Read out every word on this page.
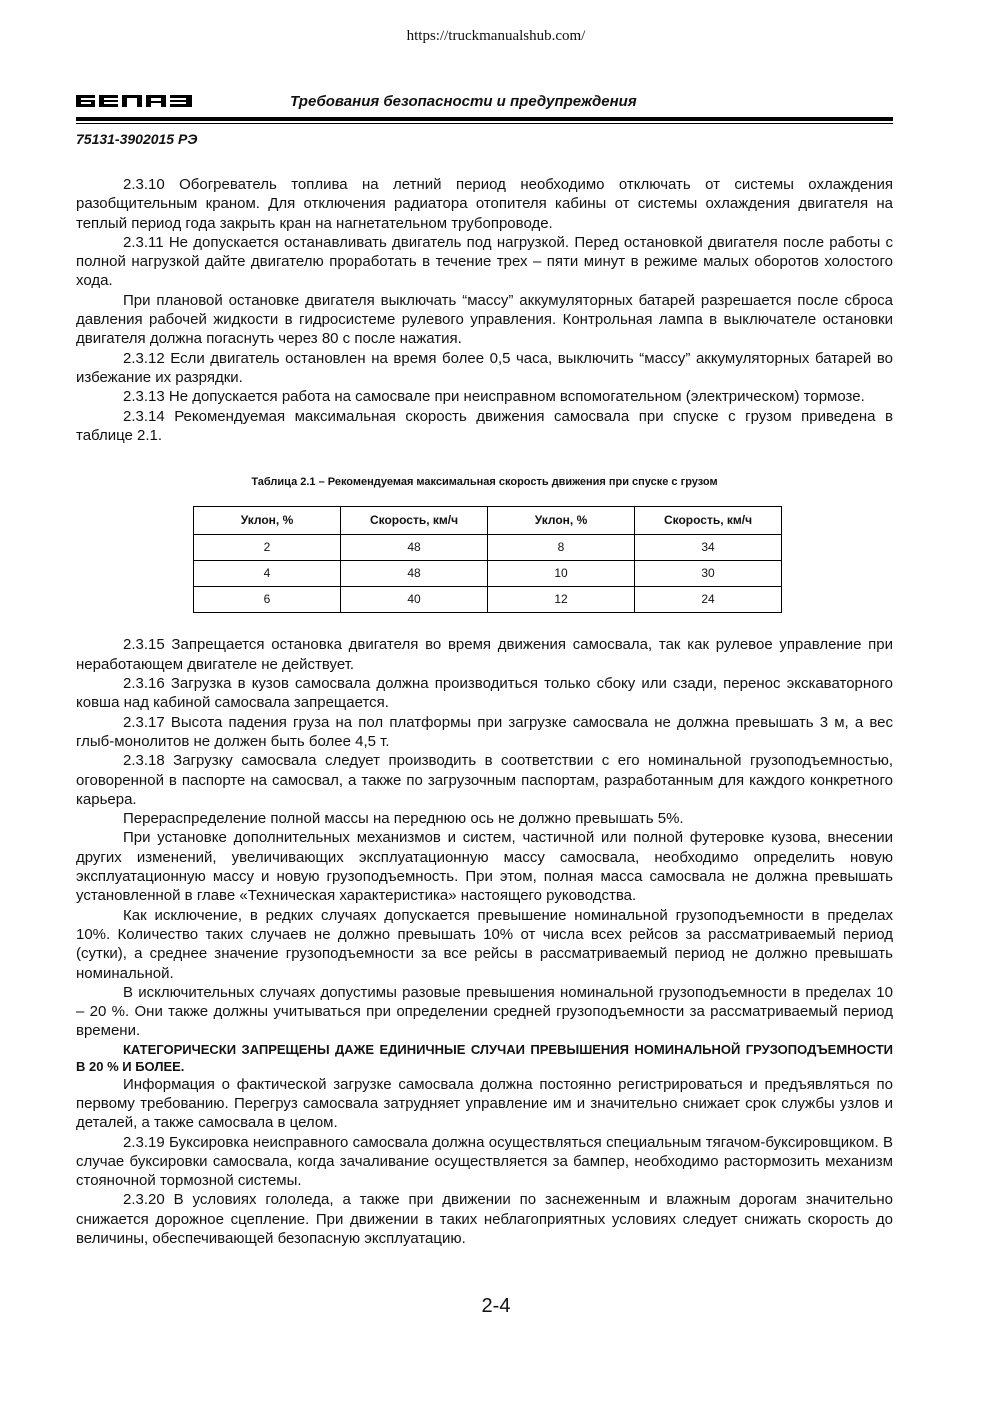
https://truckmanualshub.com/
Требования безопасности и предупреждения
75131-3902015 РЭ

2.3.10 Обогреватель топлива на летний период необходимо отключать от системы охлаждения разобщительным краном. Для отключения радиатора отопителя кабины от системы охлаждения двигателя на теплый период года закрыть кран на нагнетательном трубопроводе.

2.3.11 Не допускается останавливать двигатель под нагрузкой. Перед остановкой двигателя после работы с полной нагрузкой дайте двигателю проработать в течение трех – пяти минут в режиме малых оборотов холостого хода.

При плановой остановке двигателя выключать “массу” аккумуляторных батарей разрешается после сброса давления рабочей жидкости в гидросистеме рулевого управления. Контрольная лампа в выключателе остановки двигателя должна погаснуть через 80 с после нажатия.

2.3.12 Если двигатель остановлен на время более 0,5 часа, выключить “массу” аккумуляторных батарей во избежание их разрядки.

2.3.13 Не допускается работа на самосвале при неисправном вспомогательном (электрическом) тормозе.

2.3.14 Рекомендуемая максимальная скорость движения самосвала при спуске с грузом приведена в таблице 2.1.

Таблица 2.1 – Рекомендуемая максимальная скорость движения при спуске с грузом
Уклон, %	Скорость, км/ч	Уклон, %	Скорость, км/ч
2	48	8	34
4	48	10	30
6	40	12	24

2.3.15 Запрещается остановка двигателя во время движения самосвала, так как рулевое управление при неработающем двигателе не действует.

2.3.16 Загрузка в кузов самосвала должна производиться только сбоку или сзади, перенос экскаваторного ковша над кабиной самосвала запрещается.

2.3.17 Высота падения груза на пол платформы при загрузке самосвала не должна превышать 3 м, а вес глыб-монолитов не должен быть более 4,5 т.

2.3.18 Загрузку самосвала следует производить в соответствии с его номинальной грузоподъемностью, оговоренной в паспорте на самосвал, а также по загрузочным паспортам, разработанным для каждого конкретного карьера.

Перераспределение полной массы на переднюю ось не должно превышать 5%.

При установке дополнительных механизмов и систем, частичной или полной футеровке кузова, внесении других изменений, увеличивающих эксплуатационную массу самосвала, необходимо определить новую эксплуатационную массу и новую грузоподъемность. При этом, полная масса самосвала не должна превышать установленной в главе «Техническая характеристика» настоящего руководства.

Как исключение, в редких случаях допускается превышение номинальной грузоподъемности в пределах 10%. Количество таких случаев не должно превышать 10% от числа всех рейсов за рассматриваемый период (сутки), а среднее значение грузоподъемности за все рейсы в рассматриваемый период не должно превышать номинальной.

В исключительных случаях допустимы разовые превышения номинальной грузоподъемности в пределах 10 – 20 %. Они также должны учитываться при определении средней грузоподъемности за рассматриваемый период времени.

КАТЕГОРИЧЕСКИ ЗАПРЕЩЕНЫ ДАЖЕ ЕДИНИЧНЫЕ СЛУЧАИ ПРЕВЫШЕНИЯ НОМИНАЛЬНОЙ ГРУЗОПОДЪЕМНОСТИ В 20 % И БОЛЕЕ.

Информация о фактической загрузке самосвала должна постоянно регистрироваться и предъявляться по первому требованию. Перегруз самосвала затрудняет управление им и значительно снижает срок службы узлов и деталей, а также самосвала в целом.

2.3.19 Буксировка неисправного самосвала должна осуществляться специальным тягачом-буксировщиком. В случае буксировки самосвала, когда зачаливание осуществляется за бампер, необходимо растормозить механизм стояночной тормозной системы.

2.3.20 В условиях гололеда, а также при движении по заснеженным и влажным дорогам значительно снижается дорожное сцепление. При движении в таких неблагоприятных условиях следует снижать скорость до величины, обеспечивающей безопасную эксплуатацию.

2-4
